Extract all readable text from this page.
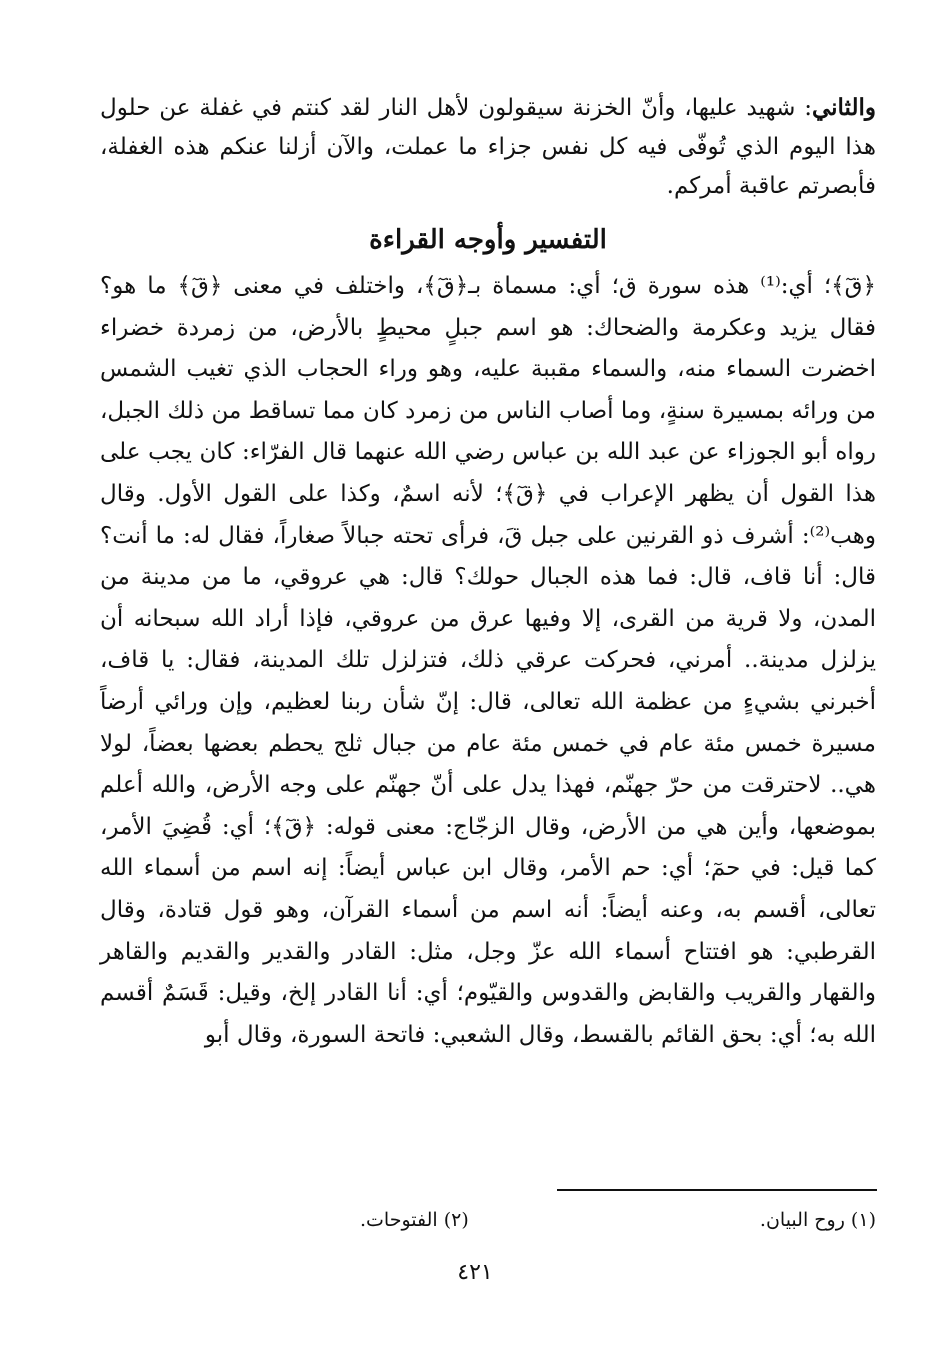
والثاني: شهيد عليها، وأنّ الخزنة سيقولون لأهل النار لقد كنتم في غفلة عن حلول هذا اليوم الذي تُوفّى فيه كل نفس جزاء ما عملت، والآن أزلنا عنكم هذه الغفلة، فأبصرتم عاقبة أمركم.

التفسير وأوجه القراءة

﴿قٓ﴾؛ أي:⁽¹⁾ هذه سورة ق؛ أي: مسماة بـ﴿قٓ﴾، واختلف في معنى ﴿قٓ﴾ ما هو؟ فقال يزيد وعكرمة والضحاك: هو اسم جبلٍ محيطٍ بالأرض، من زمردة خضراء اخضرت السماء منه، والسماء مقببة عليه، وهو وراء الحجاب الذي تغيب الشمس من ورائه بمسيرة سنةٍ، وما أصاب الناس من زمرد كان مما تساقط من ذلك الجبل، رواه أبو الجوزاء عن عبد الله بن عباس رضي الله عنهما قال الفرّاء: كان يجب على هذا القول أن يظهر الإعراب في ﴿قٓ﴾؛ لأنه اسمٌ، وكذا على القول الأول. وقال وهب⁽²⁾: أشرف ذو القرنين على جبل قَ، فرأى تحته جبالاً صغاراً، فقال له: ما أنت؟ قال: أنا قاف، قال: فما هذه الجبال حولك؟ قال: هي عروقي، ما من مدينة من المدن، ولا قرية من القرى، إلا وفيها عرق من عروقي، فإذا أراد الله سبحانه أن يزلزل مدينة.. أمرني، فحركت عرقي ذلك، فتزلزل تلك المدينة، فقال: يا قاف، أخبرني بشيءٍ من عظمة الله تعالى، قال: إنّ شأن ربنا لعظيم، وإن ورائي أرضاً مسيرة خمس مئة عام في خمس مئة عام من جبال ثلج يحطم بعضها بعضاً، لولا هي.. لاحترقت من حرّ جهنّم، فهذا يدل على أنّ جهنّم على وجه الأرض، والله أعلم بموضعها، وأين هي من الأرض، وقال الزجّاج: معنى قوله: ﴿قٓ﴾؛ أي: قُضِيَ الأمر، كما قيل: في حمٓ؛ أي: حم الأمر، وقال ابن عباس أيضاً: إنه اسم من أسماء الله تعالى، أقسم به، وعنه أيضاً: أنه اسم من أسماء القرآن، وهو قول قتادة، وقال القرطبي: هو افتتاح أسماء الله عزّ وجل، مثل: القادر والقدير والقديم والقاهر والقهار والقريب والقابض والقدوس والقيّوم؛ أي: أنا القادر إلخ، وقيل: قَسَمٌ أقسم الله به؛ أي: بحق القائم بالقسط، وقال الشعبي: فاتحة السورة، وقال أبو

(١) روح البيان.
(٢) الفتوحات.
٤٢١
